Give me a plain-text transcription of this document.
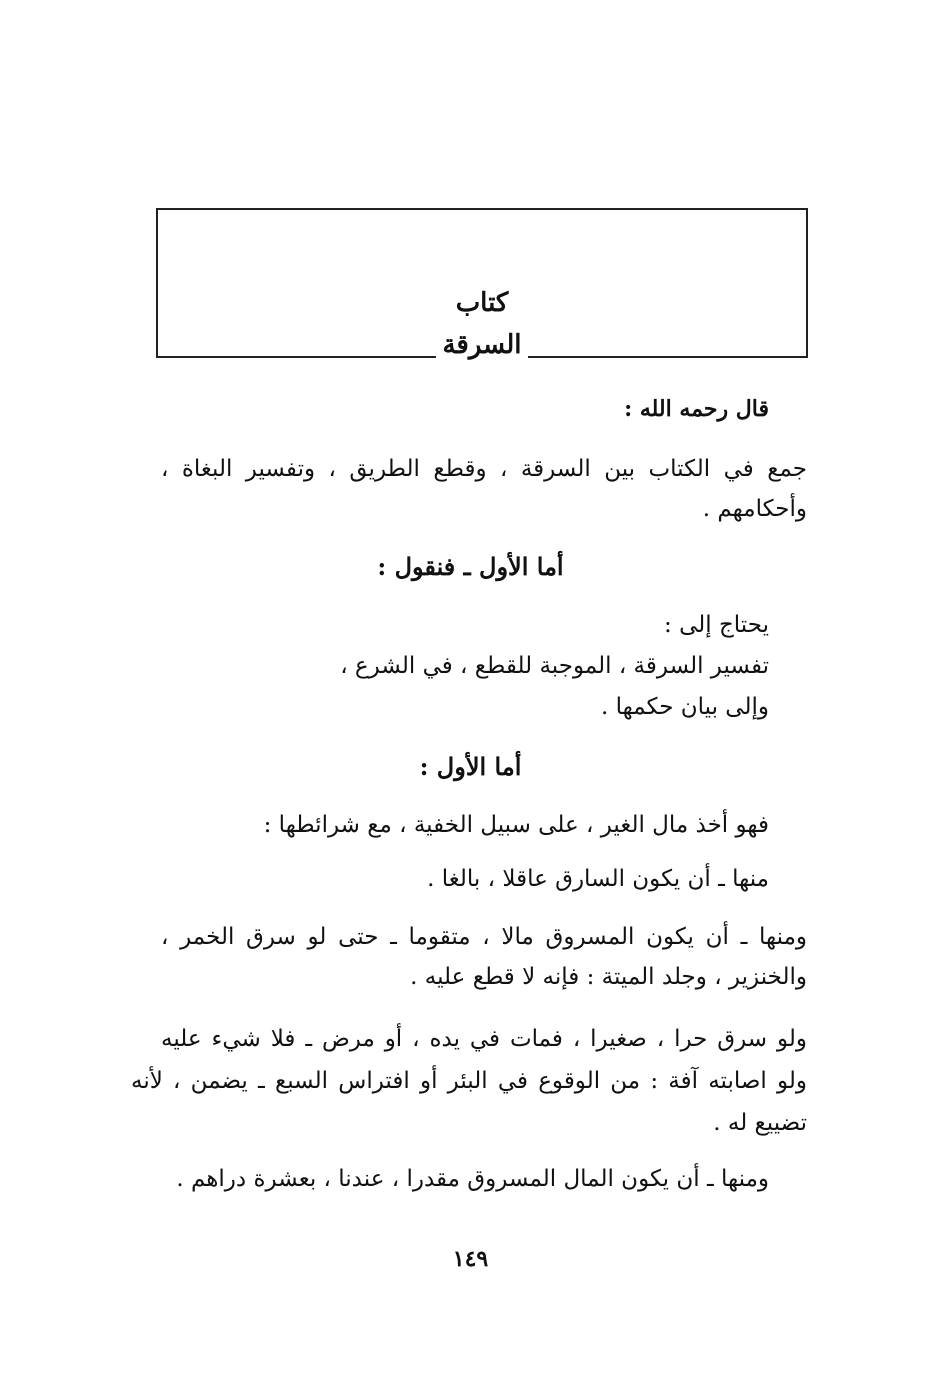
كتاب
السرقة
قال رحمه الله :
جمع في الكتاب بين السرقة ، وقطع الطريق ، وتفسير البغاة ،
وأحكامهم .
أما الأول ـ فنقول :
يحتاج إلى :
تفسير السرقة ، الموجبة للقطع ، في الشرع ،
وإلى بيان حكمها .
أما الأول :
فهو أخذ مال الغير ، على سبيل الخفية ، مع شرائطها :
منها ـ أن يكون السارق عاقلا ، بالغا .
ومنها ـ أن يكون المسروق مالا ، متقوما ـ حتى لو سرق الخمر ،
والخنزير ، وجلد الميتة : فإنه لا قطع عليه .
ولو سرق حرا ، صغيرا ، فمات في يده ، أو مرض ـ فلا شيء عليه
ولو اصابته آفة : من الوقوع في البئر أو افتراس السبع ـ يضمن ، لأنه
تضييع له .
ومنها ـ أن يكون المال المسروق مقدرا ، عندنا ، بعشرة دراهم .
١٤٩
